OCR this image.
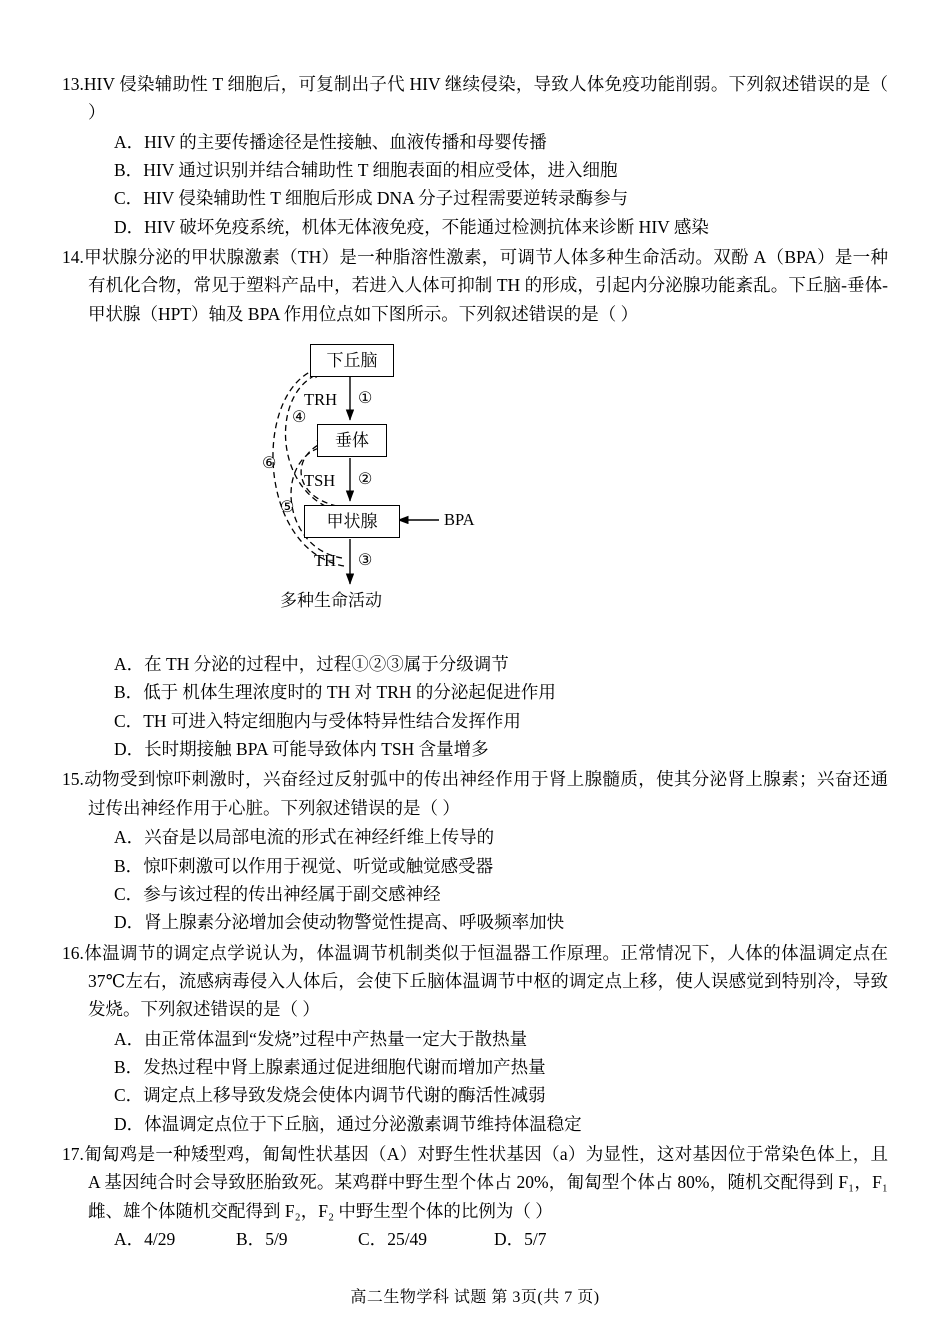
13.HIV 侵染辅助性 T 细胞后，可复制出子代 HIV 继续侵染，导致人体免疫功能削弱。下列叙述错误的是（ ）
A．HIV 的主要传播途径是性接触、血液传播和母婴传播
B．HIV 通过识别并结合辅助性 T 细胞表面的相应受体，进入细胞
C．HIV 侵染辅助性 T 细胞后形成 DNA 分子过程需要逆转录酶参与
D．HIV 破坏免疫系统，机体无体液免疫，不能通过检测抗体来诊断 HIV 感染
14.甲状腺分泌的甲状腺激素（TH）是一种脂溶性激素，可调节人体多种生命活动。双酚 A（BPA）是一种有机化合物，常见于塑料产品中，若进入人体可抑制 TH 的形成，引起内分泌腺功能紊乱。下丘脑-垂体-甲状腺（HPT）轴及 BPA 作用位点如下图所示。下列叙述错误的是（ ）
下丘脑
垂体
甲状腺
TRH
TSH
TH
BPA
①
②
③
④
⑤
⑥
多种生命活动
A．在 TH 分泌的过程中，过程①②③属于分级调节
B．低于 机体生理浓度时的 TH 对 TRH 的分泌起促进作用
C．TH 可进入特定细胞内与受体特异性结合发挥作用
D．长时期接触 BPA 可能导致体内 TSH 含量增多
15.动物受到惊吓刺激时，兴奋经过反射弧中的传出神经作用于肾上腺髓质，使其分泌肾上腺素；兴奋还通过传出神经作用于心脏。下列叙述错误的是（ ）
A．兴奋是以局部电流的形式在神经纤维上传导的
B．惊吓刺激可以作用于视觉、听觉或触觉感受器
C．参与该过程的传出神经属于副交感神经
D．肾上腺素分泌增加会使动物警觉性提高、呼吸频率加快
16.体温调节的调定点学说认为，体温调节机制类似于恒温器工作原理。正常情况下，人体的体温调定点在 37℃左右，流感病毒侵入人体后，会使下丘脑体温调节中枢的调定点上移，使人误感觉到特别冷，导致发烧。下列叙述错误的是（ ）
A．由正常体温到“发烧”过程中产热量一定大于散热量
B．发热过程中肾上腺素通过促进细胞代谢而增加产热量
C．调定点上移导致发烧会使体内调节代谢的酶活性减弱
D．体温调定点位于下丘脑，通过分泌激素调节维持体温稳定
17.匍匐鸡是一种矮型鸡，匍匐性状基因（A）对野生性状基因（a）为显性，这对基因位于常染色体上，且 A 基因纯合时会导致胚胎致死。某鸡群中野生型个体占 20%，匍匐型个体占 80%，随机交配得到 F₁，F₁ 雌、雄个体随机交配得到 F₂，F₂ 中野生型个体的比例为（ ）
A．4/29	B．5/9	C．25/49	D．5/7
高二生物学科 试题 第 3页(共 7 页)
